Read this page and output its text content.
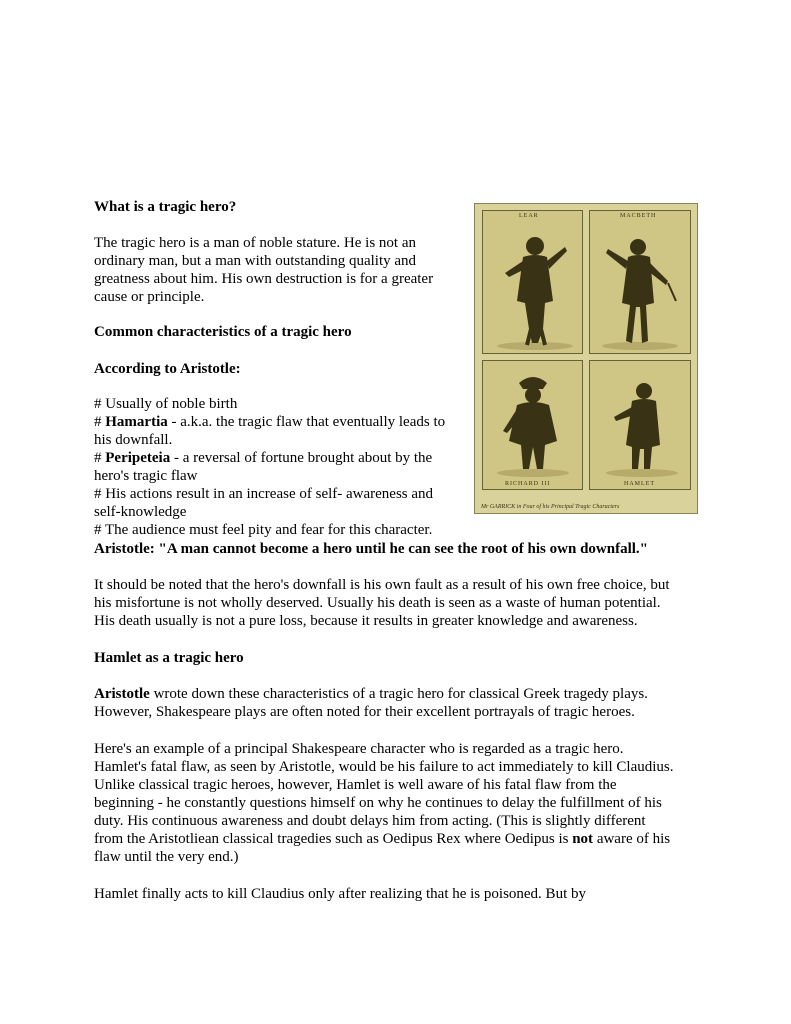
What is a tragic hero?

The tragic hero is a man of noble stature. He is not an

ordinary man, but a man with outstanding quality and

greatness about him. His own destruction is for a greater

cause or principle.

Common characteristics of a tragic hero

According to Aristotle:

# Usually of noble birth

# Hamartia - a.k.a. the tragic flaw that eventually leads to

his downfall.

# Peripeteia - a reversal of fortune brought about by the

hero's tragic flaw

# His actions result in an increase of self- awareness and

self-knowledge

# The audience must feel pity and fear for this character.

Aristotle: "A man cannot become a hero until he can see the root of his own downfall."

It should be noted that the hero's downfall is his own fault as a result of his own free choice, but

his misfortune is not wholly deserved. Usually his death is seen as a waste of human potential.

His death usually is not a pure loss, because it results in greater knowledge and awareness.

Hamlet as a tragic hero

Aristotle wrote down these characteristics of a tragic hero for classical Greek tragedy plays.

However, Shakespeare plays are often noted for their excellent portrayals of tragic heroes.

Here's an example of a principal Shakespeare character who is regarded as a tragic hero.

Hamlet's fatal flaw, as seen by Aristotle, would be his failure to act immediately to kill Claudius.

Unlike classical tragic heroes, however, Hamlet is well aware of his fatal flaw from the

beginning - he constantly questions himself on why he continues to delay the fulfillment of his

duty. His continuous awareness and doubt delays him from acting. (This is slightly different

from the Aristotliean classical tragedies such as Oedipus Rex where Oedipus is not aware of his

flaw until the very end.)

Hamlet finally acts to kill Claudius only after realizing that he is poisoned. But by

LEAR	MACBETH
RICHARD III	HAMLET
Mr GARRICK in Four of his Principal Tragic Characters
